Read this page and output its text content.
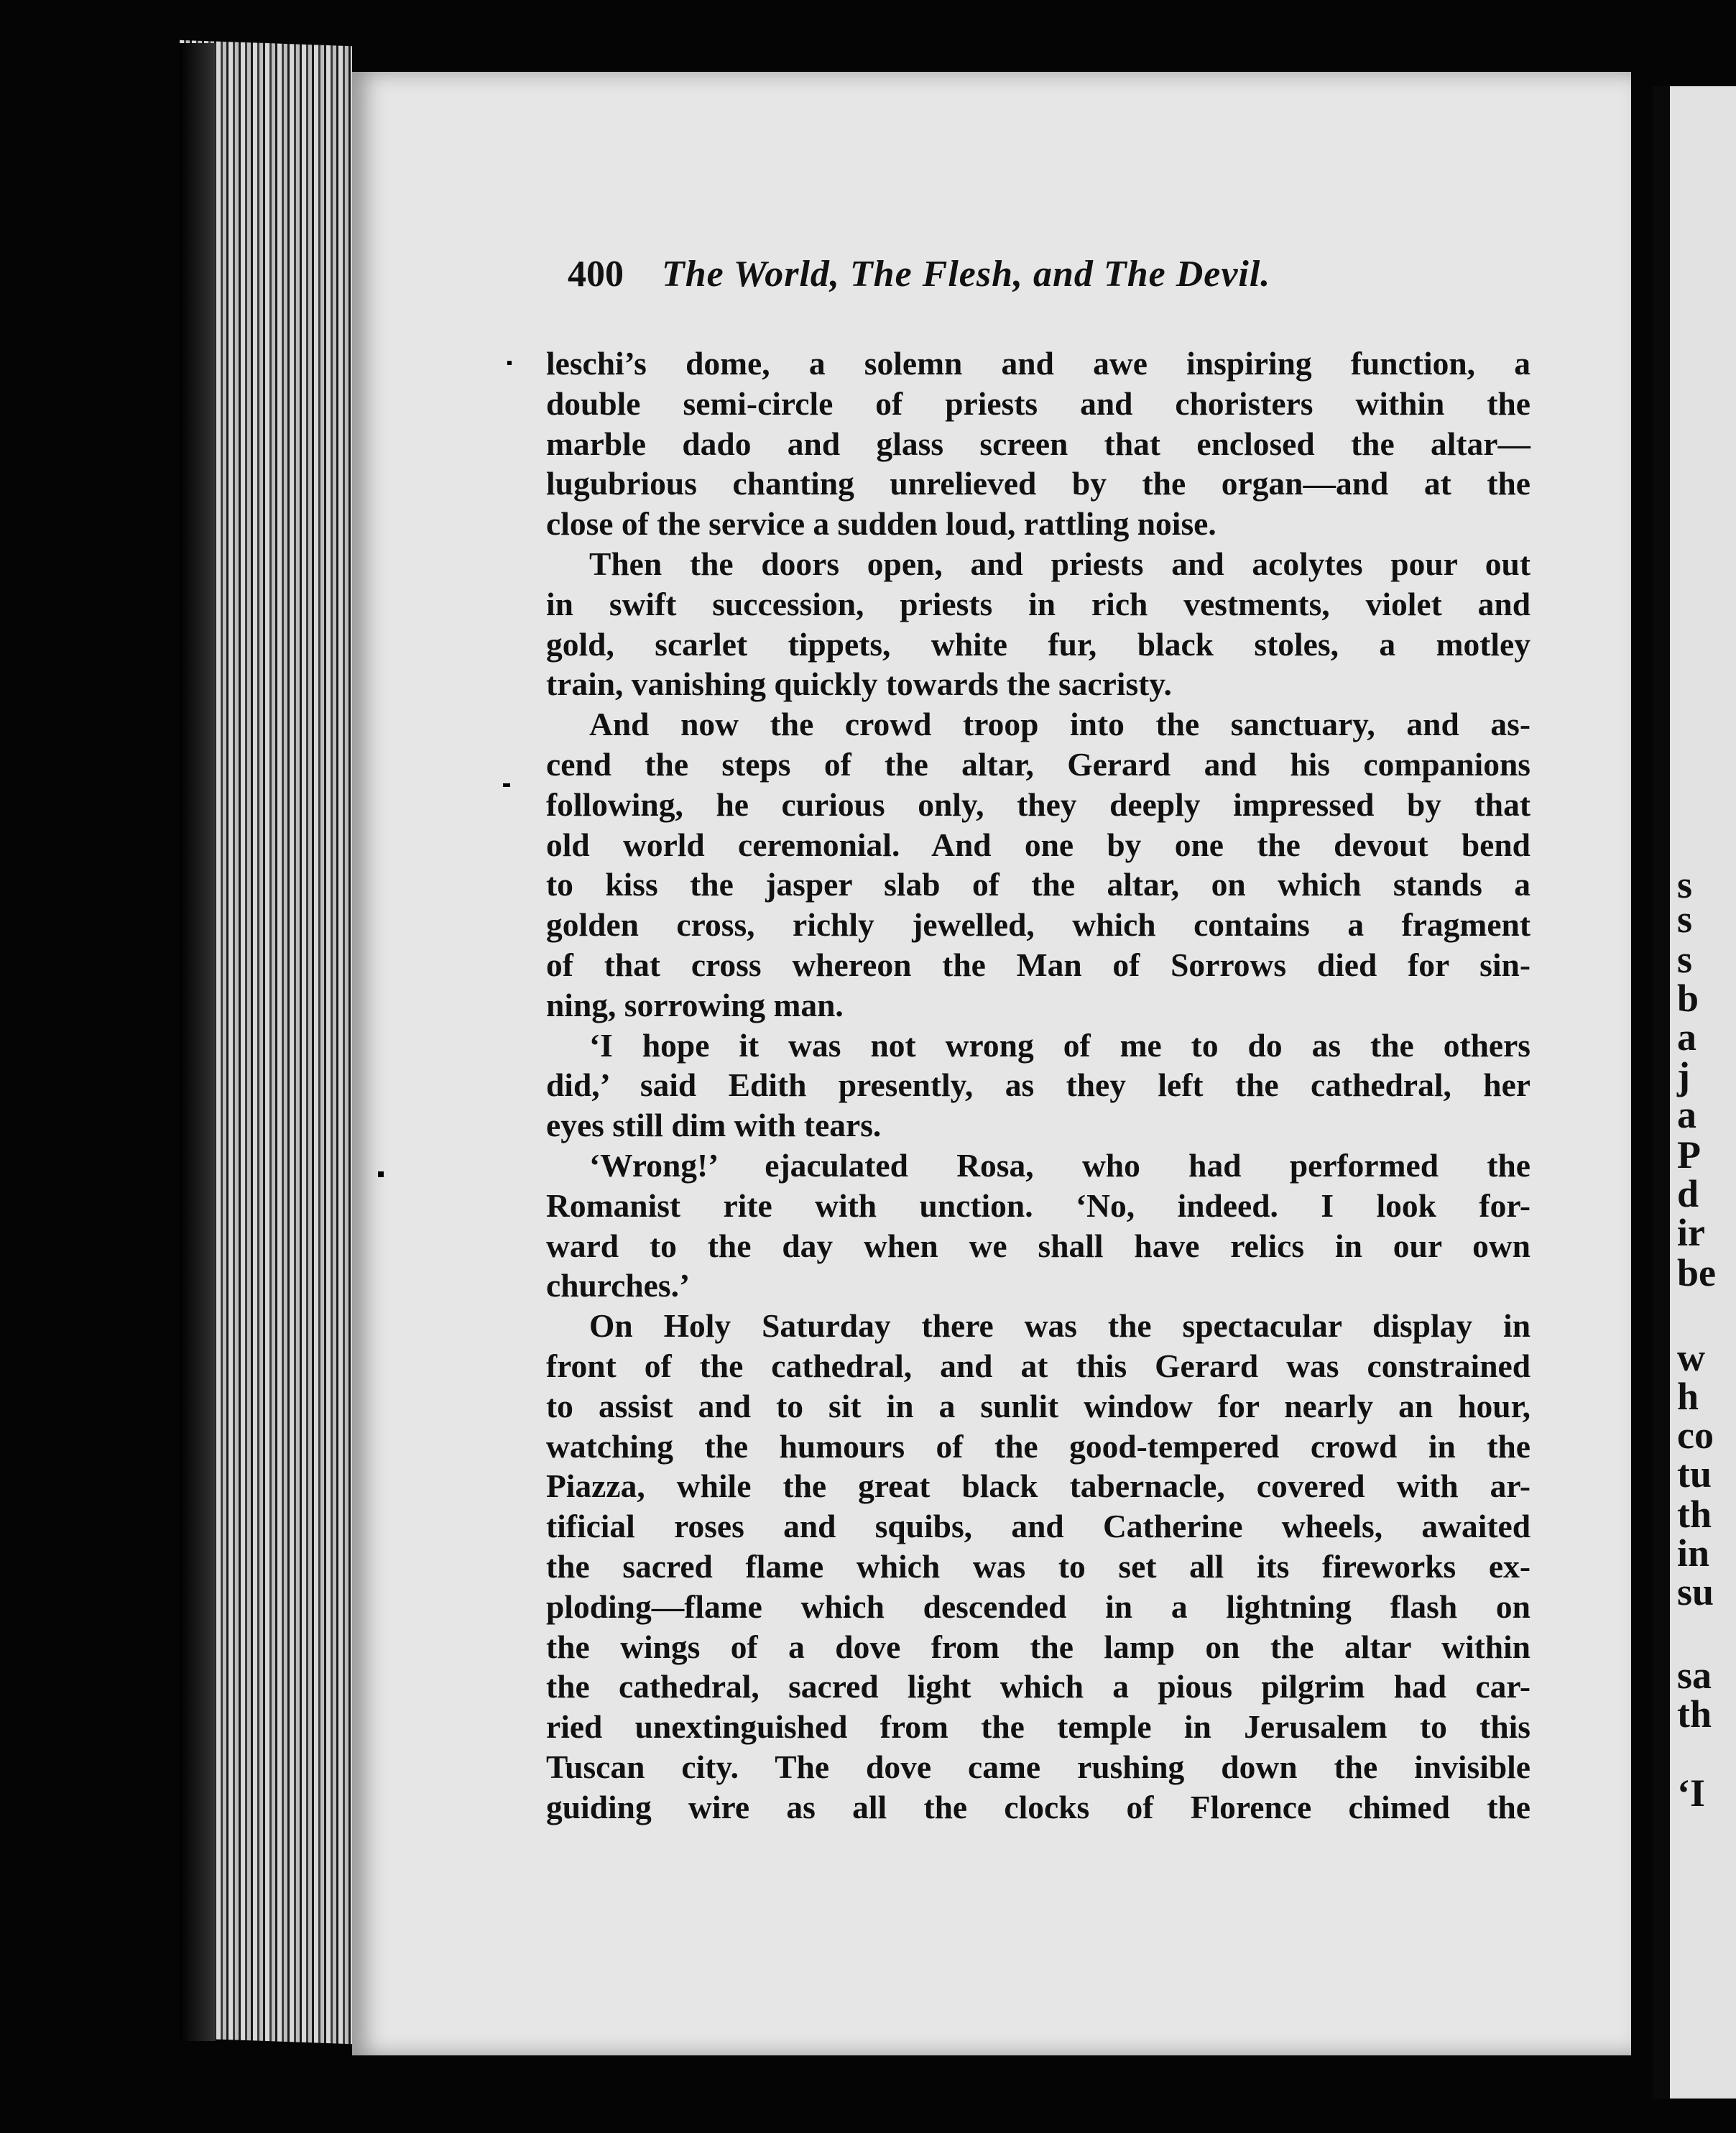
400 The World, The Flesh, and The Devil.
leschi’s dome, a solemn and awe inspiring function, a
double semi-circle of priests and choristers within the
marble dado and glass screen that enclosed the altar—
lugubrious chanting unrelieved by the organ—and at the
close of the service a sudden loud, rattling noise.
Then the doors open, and priests and acolytes pour out
in swift succession, priests in rich vestments, violet and
gold, scarlet tippets, white fur, black stoles, a motley
train, vanishing quickly towards the sacristy.
And now the crowd troop into the sanctuary, and as-
cend the steps of the altar, Gerard and his companions
following, he curious only, they deeply impressed by that
old world ceremonial. And one by one the devout bend
to kiss the jasper slab of the altar, on which stands a
golden cross, richly jewelled, which contains a fragment
of that cross whereon the Man of Sorrows died for sin-
ning, sorrowing man.
‘I hope it was not wrong of me to do as the others
did,’ said Edith presently, as they left the cathedral, her
eyes still dim with tears.
‘Wrong!’ ejaculated Rosa, who had performed the
Romanist rite with unction. ‘No, indeed. I look for-
ward to the day when we shall have relics in our own
churches.’
On Holy Saturday there was the spectacular display in
front of the cathedral, and at this Gerard was constrained
to assist and to sit in a sunlit window for nearly an hour,
watching the humours of the good-tempered crowd in the
Piazza, while the great black tabernacle, covered with ar-
tificial roses and squibs, and Catherine wheels, awaited
the sacred flame which was to set all its fireworks ex-
ploding—flame which descended in a lightning flash on
the wings of a dove from the lamp on the altar within
the cathedral, sacred light which a pious pilgrim had car-
ried unextinguished from the temple in Jerusalem to this
Tuscan city. The dove came rushing down the invisible
guiding wire as all the clocks of Florence chimed the
s
s
s
b
a
j
a
P
d
ir
be
w
h
co
tu
th
in
su
sa
th
‘I
